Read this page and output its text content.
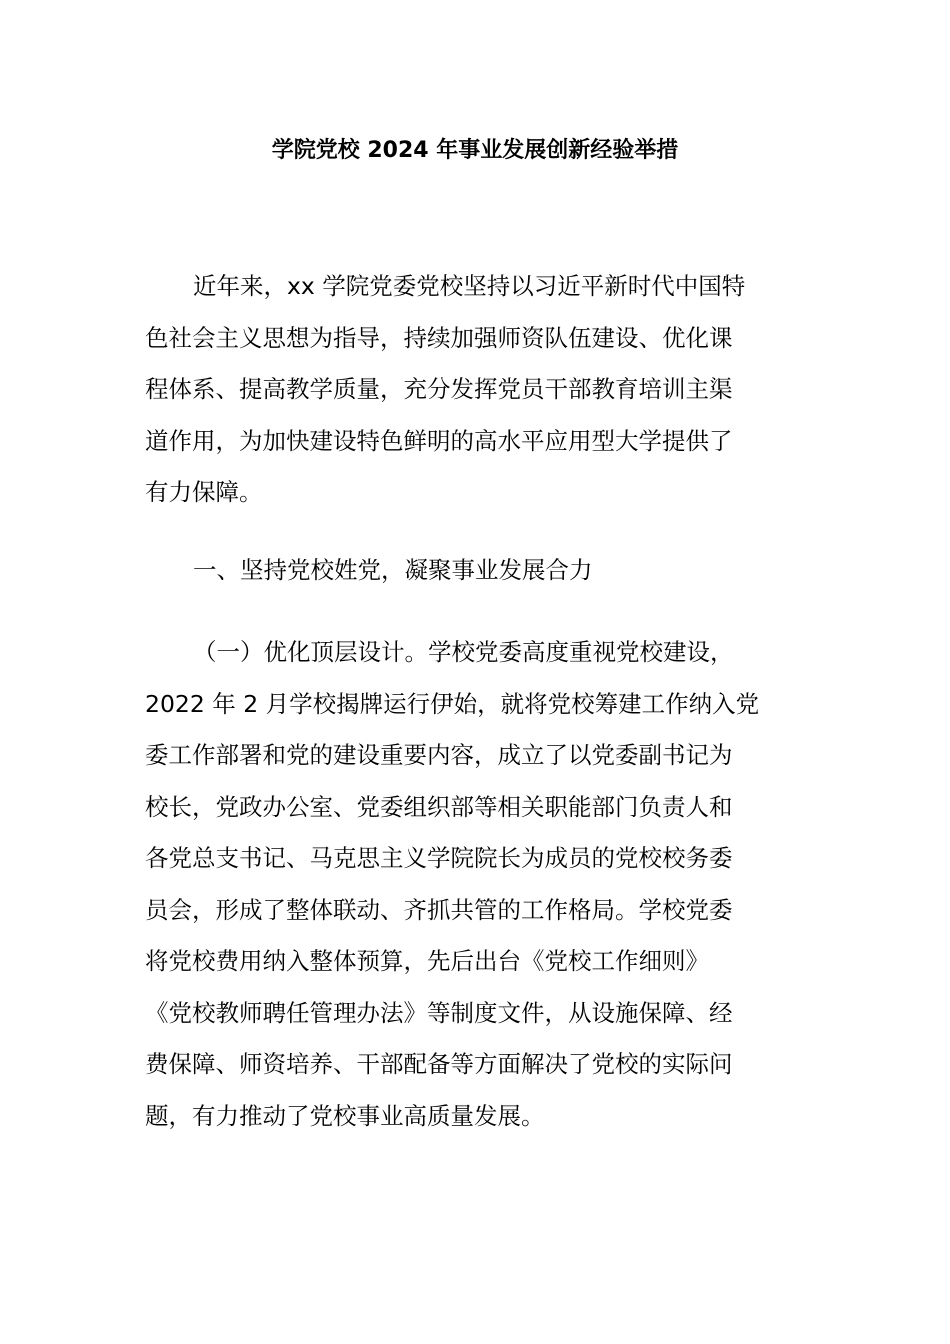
学院党校 2024 年事业发展创新经验举措
近年来，xx 学院党委党校坚持以习近平新时代中国特
色社会主义思想为指导，持续加强师资队伍建设、优化课
程体系、提高教学质量，充分发挥党员干部教育培训主渠
道作用，为加快建设特色鲜明的高水平应用型大学提供了
有力保障。
一、坚持党校姓党，凝聚事业发展合力
（一）优化顶层设计。学校党委高度重视党校建设，
2022 年 2 月学校揭牌运行伊始，就将党校筹建工作纳入党
委工作部署和党的建设重要内容，成立了以党委副书记为
校长，党政办公室、党委组织部等相关职能部门负责人和
各党总支书记、马克思主义学院院长为成员的党校校务委
员会，形成了整体联动、齐抓共管的工作格局。学校党委
将党校费用纳入整体预算，先后出台《党校工作细则》
《党校教师聘任管理办法》等制度文件，从设施保障、经
费保障、师资培养、干部配备等方面解决了党校的实际问
题，有力推动了党校事业高质量发展。
